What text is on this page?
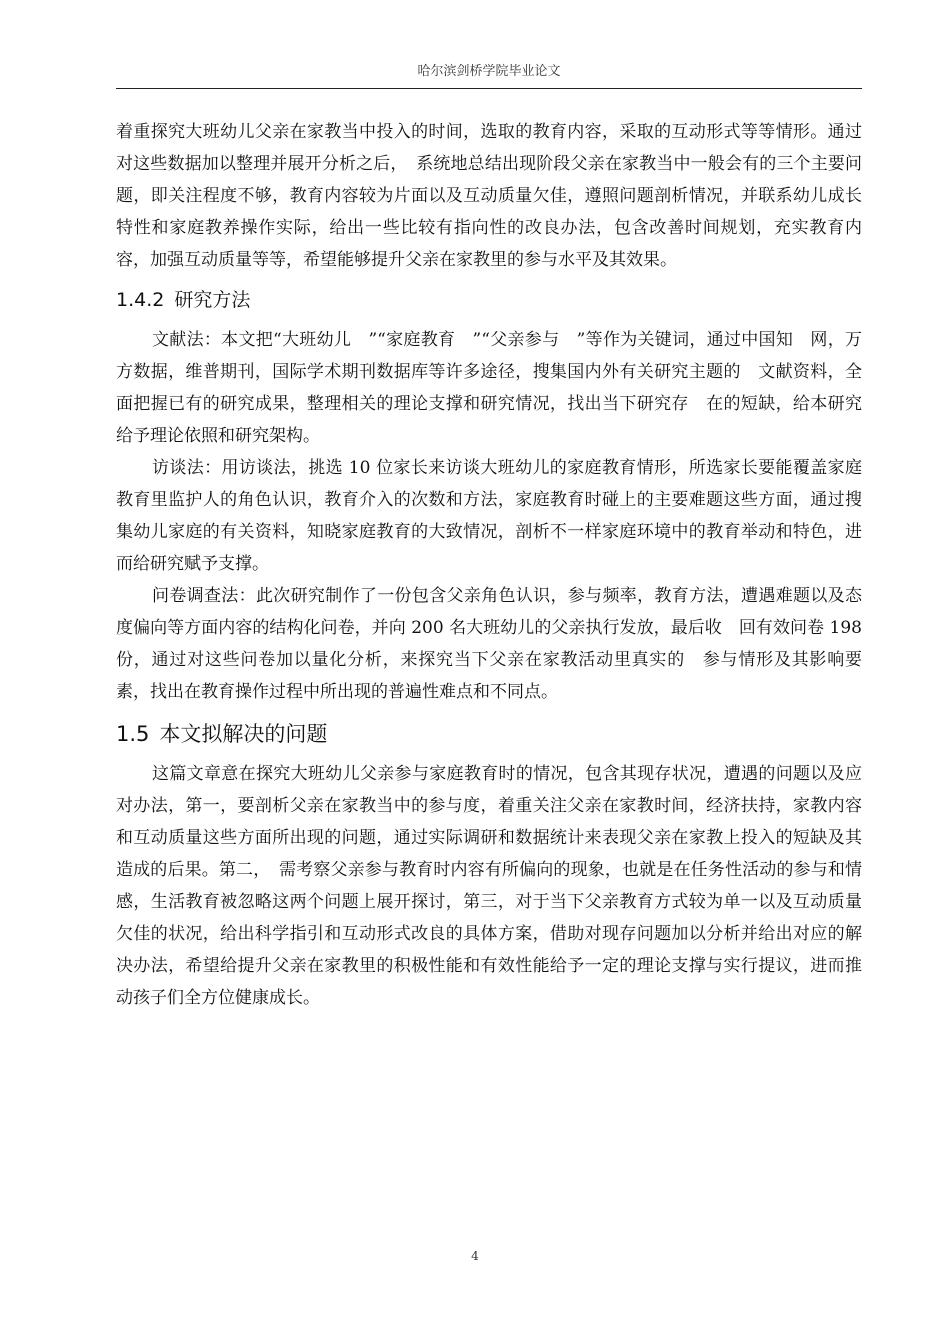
哈尔滨剑桥学院毕业论文

着重探究大班幼儿父亲在家教当中投入的时间，选取的教育内容，采取的互动形式等等情形。通过对这些数据加以整理并展开分析之后，　系统地总结出现阶段父亲在家教当中一般会有的三个主要问题，即关注程度不够，教育内容较为片面以及互动质量欠佳，遵照问题剖析情况，并联系幼儿成长特性和家庭教养操作实际，给出一些比较有指向性的改良办法，包含改善时间规划，充实教育内容，加强互动质量等等，希望能够提升父亲在家教里的参与水平及其效果。

1.4.2 研究方法

文献法：本文把“大班幼儿　”“家庭教育　”“父亲参与　”等作为关键词，通过中国知　网，万方数据，维普期刊，国际学术期刊数据库等许多途径，搜集国内外有关研究主题的　文献资料，全面把握已有的研究成果，整理相关的理论支撑和研究情况，找出当下研究存　在的短缺，给本研究给予理论依照和研究架构。

访谈法：用访谈法，挑选 10 位家长来访谈大班幼儿的家庭教育情形，所选家长要能覆盖家庭教育里监护人的角色认识，教育介入的次数和方法，家庭教育时碰上的主要难题这些方面，通过搜集幼儿家庭的有关资料，知晓家庭教育的大致情况，剖析不一样家庭环境中的教育举动和特色，进而给研究赋予支撑。

问卷调查法：此次研究制作了一份包含父亲角色认识，参与频率，教育方法，遭遇难题以及态度偏向等方面内容的结构化问卷，并向 200 名大班幼儿的父亲执行发放，最后收　回有效问卷 198 份，通过对这些问卷加以量化分析，来探究当下父亲在家教活动里真实的　参与情形及其影响要素，找出在教育操作过程中所出现的普遍性难点和不同点。

1.5 本文拟解决的问题

这篇文章意在探究大班幼儿父亲参与家庭教育时的情况，包含其现存状况，遭遇的问题以及应对办法，第一，要剖析父亲在家教当中的参与度，着重关注父亲在家教时间，经济扶持，家教内容和互动质量这些方面所出现的问题，通过实际调研和数据统计来表现父亲在家教上投入的短缺及其造成的后果。第二，　需考察父亲参与教育时内容有所偏向的现象，也就是在任务性活动的参与和情感，生活教育被忽略这两个问题上展开探讨，第三，对于当下父亲教育方式较为单一以及互动质量欠佳的状况，给出科学指引和互动形式改良的具体方案，借助对现存问题加以分析并给出对应的解决办法，希望给提升父亲在家教里的积极性能和有效性能给予一定的理论支撑与实行提议，进而推动孩子们全方位健康成长。

4
